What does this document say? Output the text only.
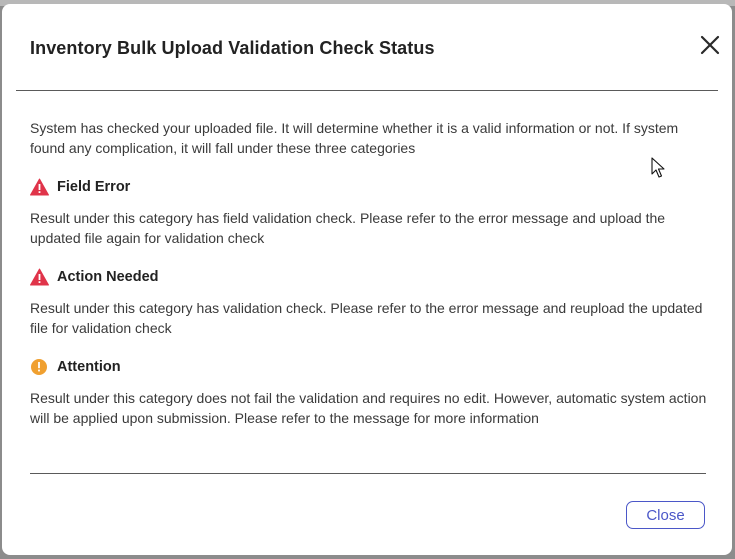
Inventory Bulk Upload Validation Check Status
System has checked your uploaded file. It will determine whether it is a valid information or not. If system found any complication, it will fall under these three categories
Field Error
Result under this category has field validation check. Please refer to the error message and upload the updated file again for validation check
Action Needed
Result under this category has validation check. Please refer to the error message and reupload the updated file for validation check
Attention
Result under this category does not fail the validation and requires no edit. However, automatic system action will be applied upon submission. Please refer to the message for more information
Close
